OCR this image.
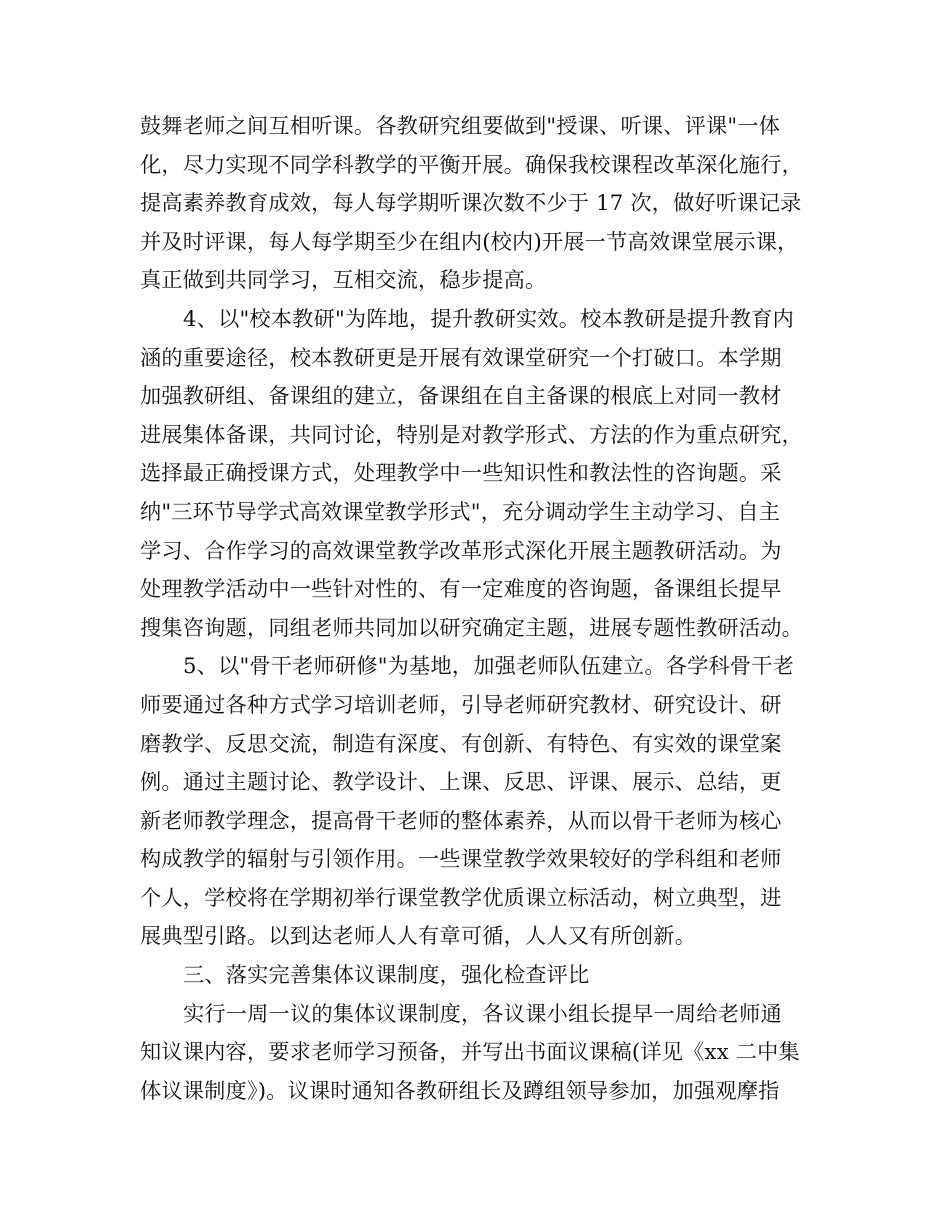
鼓舞老师之间互相听课。各教研究组要做到"授课、听课、评课"一体
化，尽力实现不同学科教学的平衡开展。确保我校课程改革深化施行，
提高素养教育成效，每人每学期听课次数不少于 17 次，做好听课记录
并及时评课，每人每学期至少在组内(校内)开展一节高效课堂展示课，
真正做到共同学习，互相交流，稳步提高。
4、以"校本教研"为阵地，提升教研实效。校本教研是提升教育内
涵的重要途径，校本教研更是开展有效课堂研究一个打破口。本学期
加强教研组、备课组的建立，备课组在自主备课的根底上对同一教材
进展集体备课，共同讨论，特别是对教学形式、方法的作为重点研究，
选择最正确授课方式，处理教学中一些知识性和教法性的咨询题。采
纳"三环节导学式高效课堂教学形式"，充分调动学生主动学习、自主
学习、合作学习的高效课堂教学改革形式深化开展主题教研活动。为
处理教学活动中一些针对性的、有一定难度的咨询题，备课组长提早
搜集咨询题，同组老师共同加以研究确定主题，进展专题性教研活动。
5、以"骨干老师研修"为基地，加强老师队伍建立。各学科骨干老
师要通过各种方式学习培训老师，引导老师研究教材、研究设计、研
磨教学、反思交流，制造有深度、有创新、有特色、有实效的课堂案
例。通过主题讨论、教学设计、上课、反思、评课、展示、总结，更
新老师教学理念，提高骨干老师的整体素养，从而以骨干老师为核心
构成教学的辐射与引领作用。一些课堂教学效果较好的学科组和老师
个人，学校将在学期初举行课堂教学优质课立标活动，树立典型，进
展典型引路。以到达老师人人有章可循，人人又有所创新。
三、落实完善集体议课制度，强化检查评比
实行一周一议的集体议课制度，各议课小组长提早一周给老师通
知议课内容，要求老师学习预备，并写出书面议课稿(详见《xx 二中集
体议课制度》)。议课时通知各教研组长及蹲组领导参加，加强观摩指
